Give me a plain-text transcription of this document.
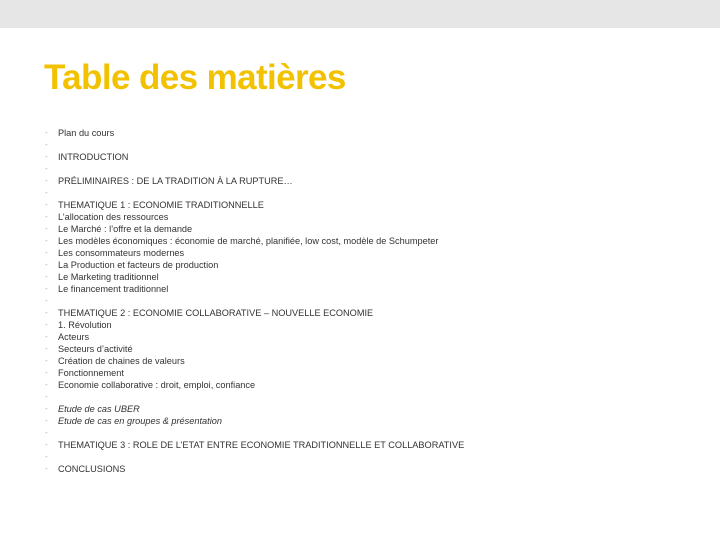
Table des matières
-	Plan du cours
-
-	INTRODUCTION
-
-	PRÉLIMINAIRES : DE LA TRADITION À LA RUPTURE…
-
-	THEMATIQUE 1 : ECONOMIE TRADITIONNELLE
-	L’allocation des ressources
-	Le Marché : l’offre et la demande
-	Les modèles économiques : économie de marché, planifiée, low cost, modèle de Schumpeter
-	Les consommateurs modernes
-	La Production et facteurs de production
-	Le Marketing traditionnel
-	Le financement traditionnel
-
-	THEMATIQUE 2 : ECONOMIE COLLABORATIVE – NOUVELLE ECONOMIE
-	1. Révolution
-	Acteurs
-	Secteurs d’activité
-	Création de chaines de valeurs
-	Fonctionnement
-	Economie collaborative : droit, emploi, confiance
-
-	Etude de cas UBER
-	Etude de cas en groupes & présentation
-
-	THEMATIQUE 3 : ROLE DE L’ETAT ENTRE ECONOMIE TRADITIONNELLE ET COLLABORATIVE
-
-	CONCLUSIONS
